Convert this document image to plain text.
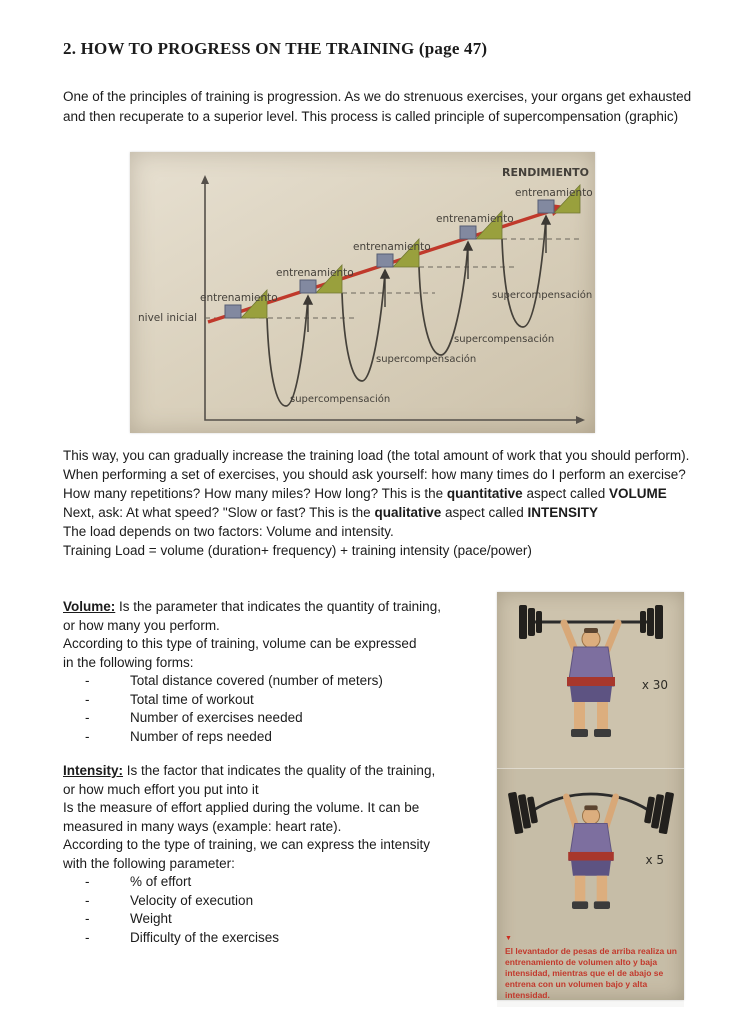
2. HOW TO PROGRESS ON THE TRAINING (page 47)

One of the principles of training is progression. As we do strenuous exercises, your organs get exhausted and then recuperate to a superior level. This process is called principle of supercompensation (graphic)

RENDIMIENTO
nivel inicial
entrenamiento
entrenamiento
entrenamiento
entrenamiento
entrenamiento
supercompensación
supercompensación
supercompensación
supercompensación

This way, you can gradually increase the training load (the total amount of work that you should perform). When performing a set of exercises, you should ask yourself: how many times do I perform an exercise? How many repetitions? How many miles? How long? This is the quantitative aspect called VOLUME

Next, ask: At what speed? "Slow or fast? This is the qualitative aspect called INTENSITY

The load depends on two factors: Volume and intensity.

Training Load = volume (duration+ frequency) + training intensity (pace/power)

Volume: Is the parameter that indicates the quantity of training,

or how many you perform.

According to this type of training, volume can be expressed

in the following forms:

-	Total distance covered (number of meters)
-	Total time of workout
-	Number of exercises needed
-	Number of reps needed

Intensity: Is the factor that indicates the quality of the training,

or how much effort you put into it

Is the measure of effort applied during the volume. It can be

measured in many ways (example: heart rate).

According to the type of training, we can express the intensity

with the following parameter:

-	% of effort
-	Velocity of execution
-	Weight
-	Difficulty of the exercises
x 30
x 5
▼
El levantador de pesas de arriba realiza un entrenamiento de volumen alto y baja intensidad, mientras que el de abajo se entrena con un volumen bajo y alta intensidad.
